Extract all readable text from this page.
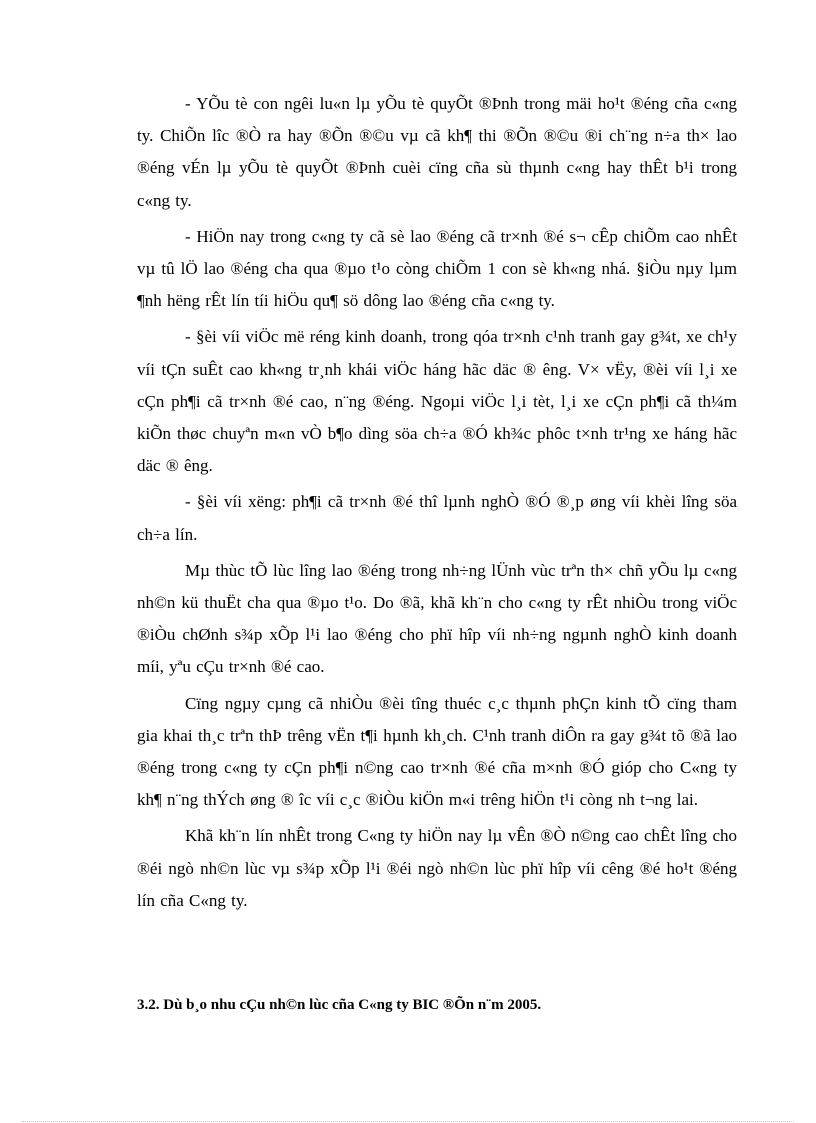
- YÕu tè con ngêi lu«n lµ yÕu tè quyÕt ®Þnh trong mäi ho¹t ®éng cña c«ng ty. ChiÕn lîc ®Ò ra hay ®Õn ®©u vµ cã kh¶ thi ®Õn ®©u ®i ch¨ng n÷a th× lao ®éng vÉn lµ yÕu tè quyÕt ®Þnh cuèi cïng cña sù thµnh c«ng hay thÊt b¹i trong c«ng ty.

- HiÖn nay trong c«ng ty cã sè lao ®éng cã tr×nh ®é s¬ cÊp chiÕm cao nhÊt vµ tû lÖ lao ®éng cha qua ®µo t¹o còng chiÕm 1 con sè kh«ng nhá. §iÒu nµy lµm ¶nh hëng rÊt lín tíi hiÖu qu¶ sö dông lao ®éng cña c«ng ty.

- §èi víi viÖc më réng kinh doanh, trong qóa tr×nh c¹nh tranh gay g¾t, xe ch¹y víi tÇn suÊt cao kh«ng tr¸nh khái viÖc háng hãc däc ® êng. V× vËy, ®èi víi l¸i xe cÇn ph¶i cã tr×nh ®é cao, n¨ng ®éng. Ngoµi viÖc l¸i tèt, l¸i xe cÇn ph¶i cã th¼m kiÕn thøc chuyªn m«n vÒ b¶o dìng söa ch÷a ®Ó kh¾c phôc t×nh tr¹ng xe háng hãc däc ® êng.

- §èi víi xëng: ph¶i cã tr×nh ®é thî lµnh nghÒ ®Ó ®¸p øng víi khèi lîng söa ch÷a lín.

Mµ thùc tÕ lùc lîng lao ®éng trong nh÷ng lÜnh vùc trªn th× chñ yÕu lµ c«ng nh©n kü thuËt cha qua ®µo t¹o. Do ®ã, khã kh¨n cho c«ng ty rÊt nhiÒu trong viÖc ®iÒu chØnh s¾p xÕp l¹i lao ®éng cho phï hîp víi nh÷ng ngµnh nghÒ kinh doanh míi, yªu cÇu tr×nh ®é cao.

Cïng ngµy cµng cã nhiÒu ®èi tîng thuéc c¸c thµnh phÇn kinh tÕ cïng tham gia khai th¸c trªn thÞ trêng vËn t¶i hµnh kh¸ch. C¹nh tranh diÔn ra gay g¾t tõ ®ã lao ®éng trong c«ng ty cÇn ph¶i n©ng cao tr×nh ®é cña m×nh ®Ó gióp cho C«ng ty kh¶ n¨ng thÝch øng ® îc víi c¸c ®iÒu kiÖn m«i trêng hiÖn t¹i còng nh t¬ng lai.

Khã kh¨n lín nhÊt trong C«ng ty hiÖn nay lµ vÊn ®Ò n©ng cao chÊt lîng cho ®éi ngò nh©n lùc vµ s¾p xÕp l¹i ®éi ngò nh©n lùc phï hîp víi cêng ®é ho¹t ®éng lín cña C«ng ty.

3.2. Dù b¸o nhu cÇu nh©n lùc cña C«ng ty BIC ®Õn n¨m 2005.
